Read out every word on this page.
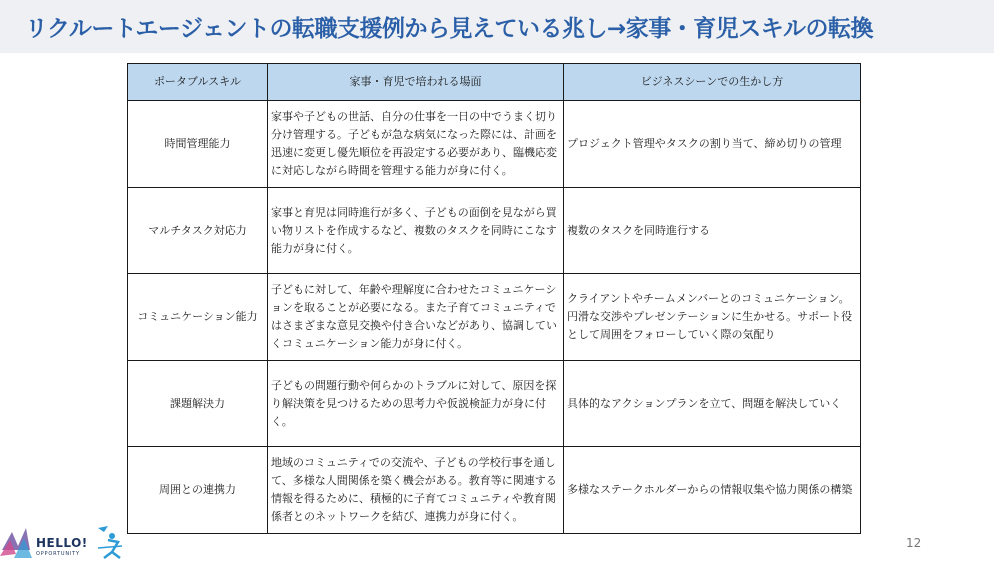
リクルートエージェントの転職支援例から見えている兆し→家事・育児スキルの転換
ポータブルスキル	家事・育児で培われる場面	ビジネスシーンでの生かし方
時間管理能力	家事や子どもの世話、自分の仕事を一日の中でうまく切り分け管理する。子どもが急な病気になった際には、計画を迅速に変更し優先順位を再設定する必要があり、臨機応変に対応しながら時間を管理する能力が身に付く。	プロジェクト管理やタスクの割り当て、締め切りの管理
マルチタスク対応力	家事と育児は同時進行が多く、子どもの面倒を見ながら買い物リストを作成するなど、複数のタスクを同時にこなす能力が身に付く。	複数のタスクを同時進行する
コミュニケーション能力	子どもに対して、年齢や理解度に合わせたコミュニケーションを取ることが必要になる。また子育てコミュニティではさまざまな意見交換や付き合いなどがあり、協調していくコミュニケーション能力が身に付く。	クライアントやチームメンバーとのコミュニケーション。円滑な交渉やプレゼンテーションに生かせる。サポート役として周囲をフォローしていく際の気配り
課題解決力	子どもの問題行動や何らかのトラブルに対して、原因を探り解決策を見つけるための思考力や仮説検証力が身に付く。	具体的なアクションプランを立て、問題を解決していく
周囲との連携力	地域のコミュニティでの交流や、子どもの学校行事を通して、多様な人間関係を築く機会がある。教育等に関連する情報を得るために、積極的に子育てコミュニティや教育関係者とのネットワークを結び、連携力が身に付く。	多様なステークホルダーからの情報収集や協力関係の構築
HELLO!
OPPORTUNITY
12
